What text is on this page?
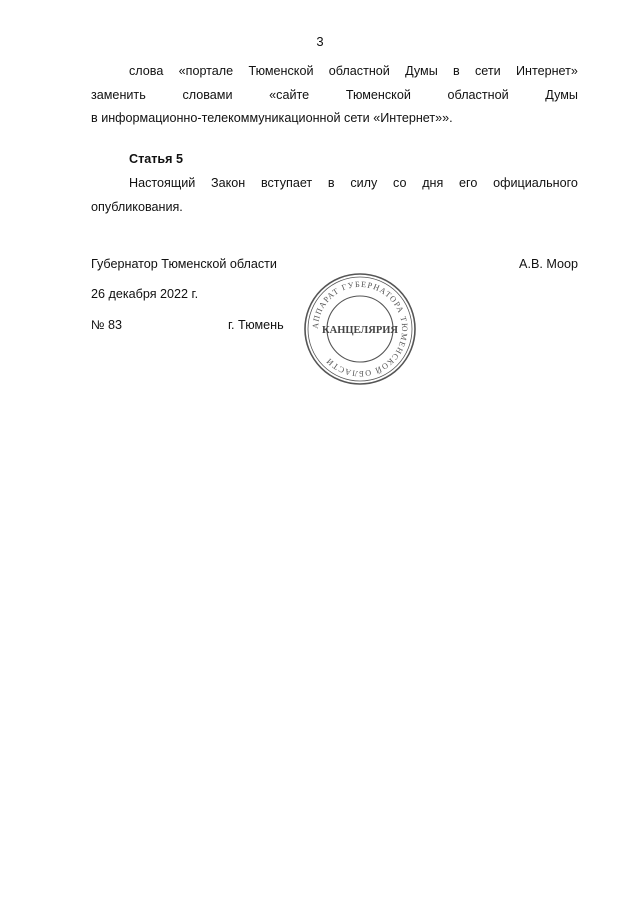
3
слова «портале Тюменской областной Думы в сети Интернет»
заменить	словами	«сайте	Тюменской	областной	Думы
в информационно-телекоммуникационной сети «Интернет»».
Статья 5
Настоящий Закон вступает в силу со дня его официального
опубликования.
Губернатор Тюменской области	А.В. Моор
26 декабря 2022 г.
№ 83	г. Тюмень	АППАРАТ ГУБЕРНАТОРА ТЮМЕНСКОЙ ОБЛАСТИ
КАНЦЕЛЯРИЯ
